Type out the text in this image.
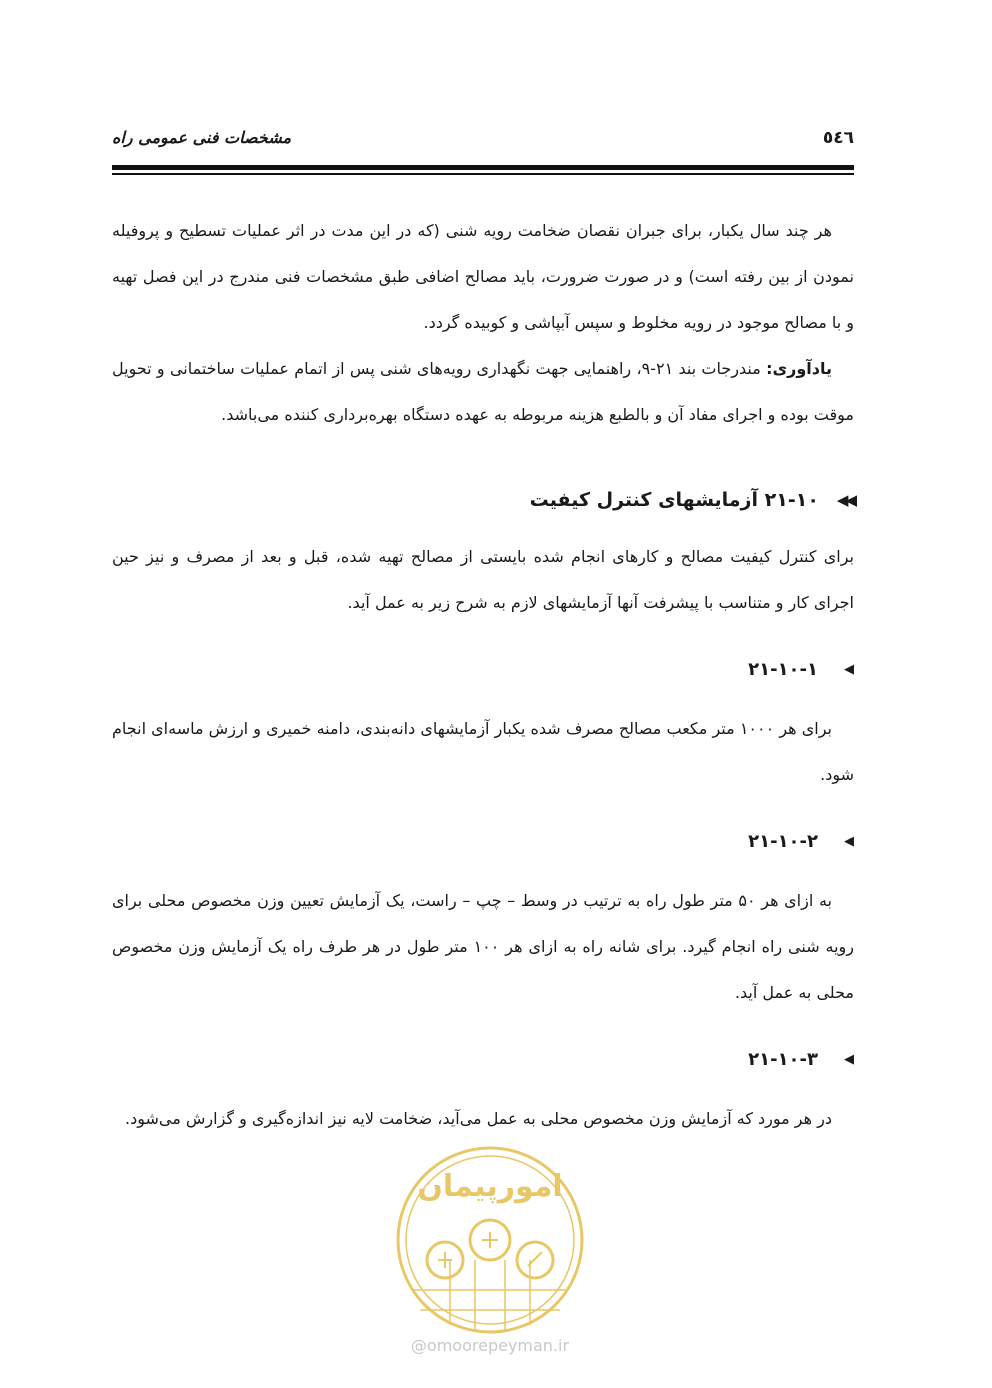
٥٤٦
مشخصات فنی عمومی راه

هر چند سال یکبار، برای جبران نقصان ضخامت رویه شنی (که در این مدت در اثر عملیات تسطیح و پروفیله نمودن از بین رفته است) و در صورت ضرورت، باید مصالح اضافی طبق مشخصات فنی مندرج در این فصل تهیه و با مصالح موجود در رویه مخلوط و سپس آبپاشی و کوبیده گردد.

یادآوری: مندرجات بند ۲۱-۹، راهنمایی جهت نگهداری رویه‌های شنی پس از اتمام عملیات ساختمانی و تحویل موقت بوده و اجرای مفاد آن و بالطبع هزینه مربوطه به عهده دستگاه بهره‌برداری کننده می‌باشد.

◀◀
۲۱-۱۰ آزمایشهای کنترل کیفیت

برای کنترل کیفیت مصالح و کارهای انجام شده بایستی از مصالح تهیه شده، قبل و بعد از مصرف و نیز حین اجرای کار و متناسب با پیشرفت آنها آزمایشهای لازم به شرح زیر به عمل آید.

◀
۲۱-۱۰-۱

برای هر ۱۰۰۰ متر مکعب مصالح مصرف شده یکبار آزمایشهای دانه‌بندی، دامنه خمیری و ارزش ماسه‌ای انجام شود.

◀
۲۱-۱۰-۲

به ازای هر ۵۰ متر طول راه به ترتیب در وسط – چپ – راست، یک آزمایش تعیین وزن مخصوص محلی برای رویه شنی راه انجام گیرد. برای شانه راه به ازای هر ۱۰۰ متر طول در هر طرف راه یک آزمایش وزن مخصوص محلی به عمل آید.

◀
۲۱-۱۰-۳

در هر مورد که آزمایش وزن مخصوص محلی به عمل می‌آید، ضخامت لایه نیز اندازه‌گیری و گزارش می‌شود.

امورپیمان
@omoorepeyman.ir
